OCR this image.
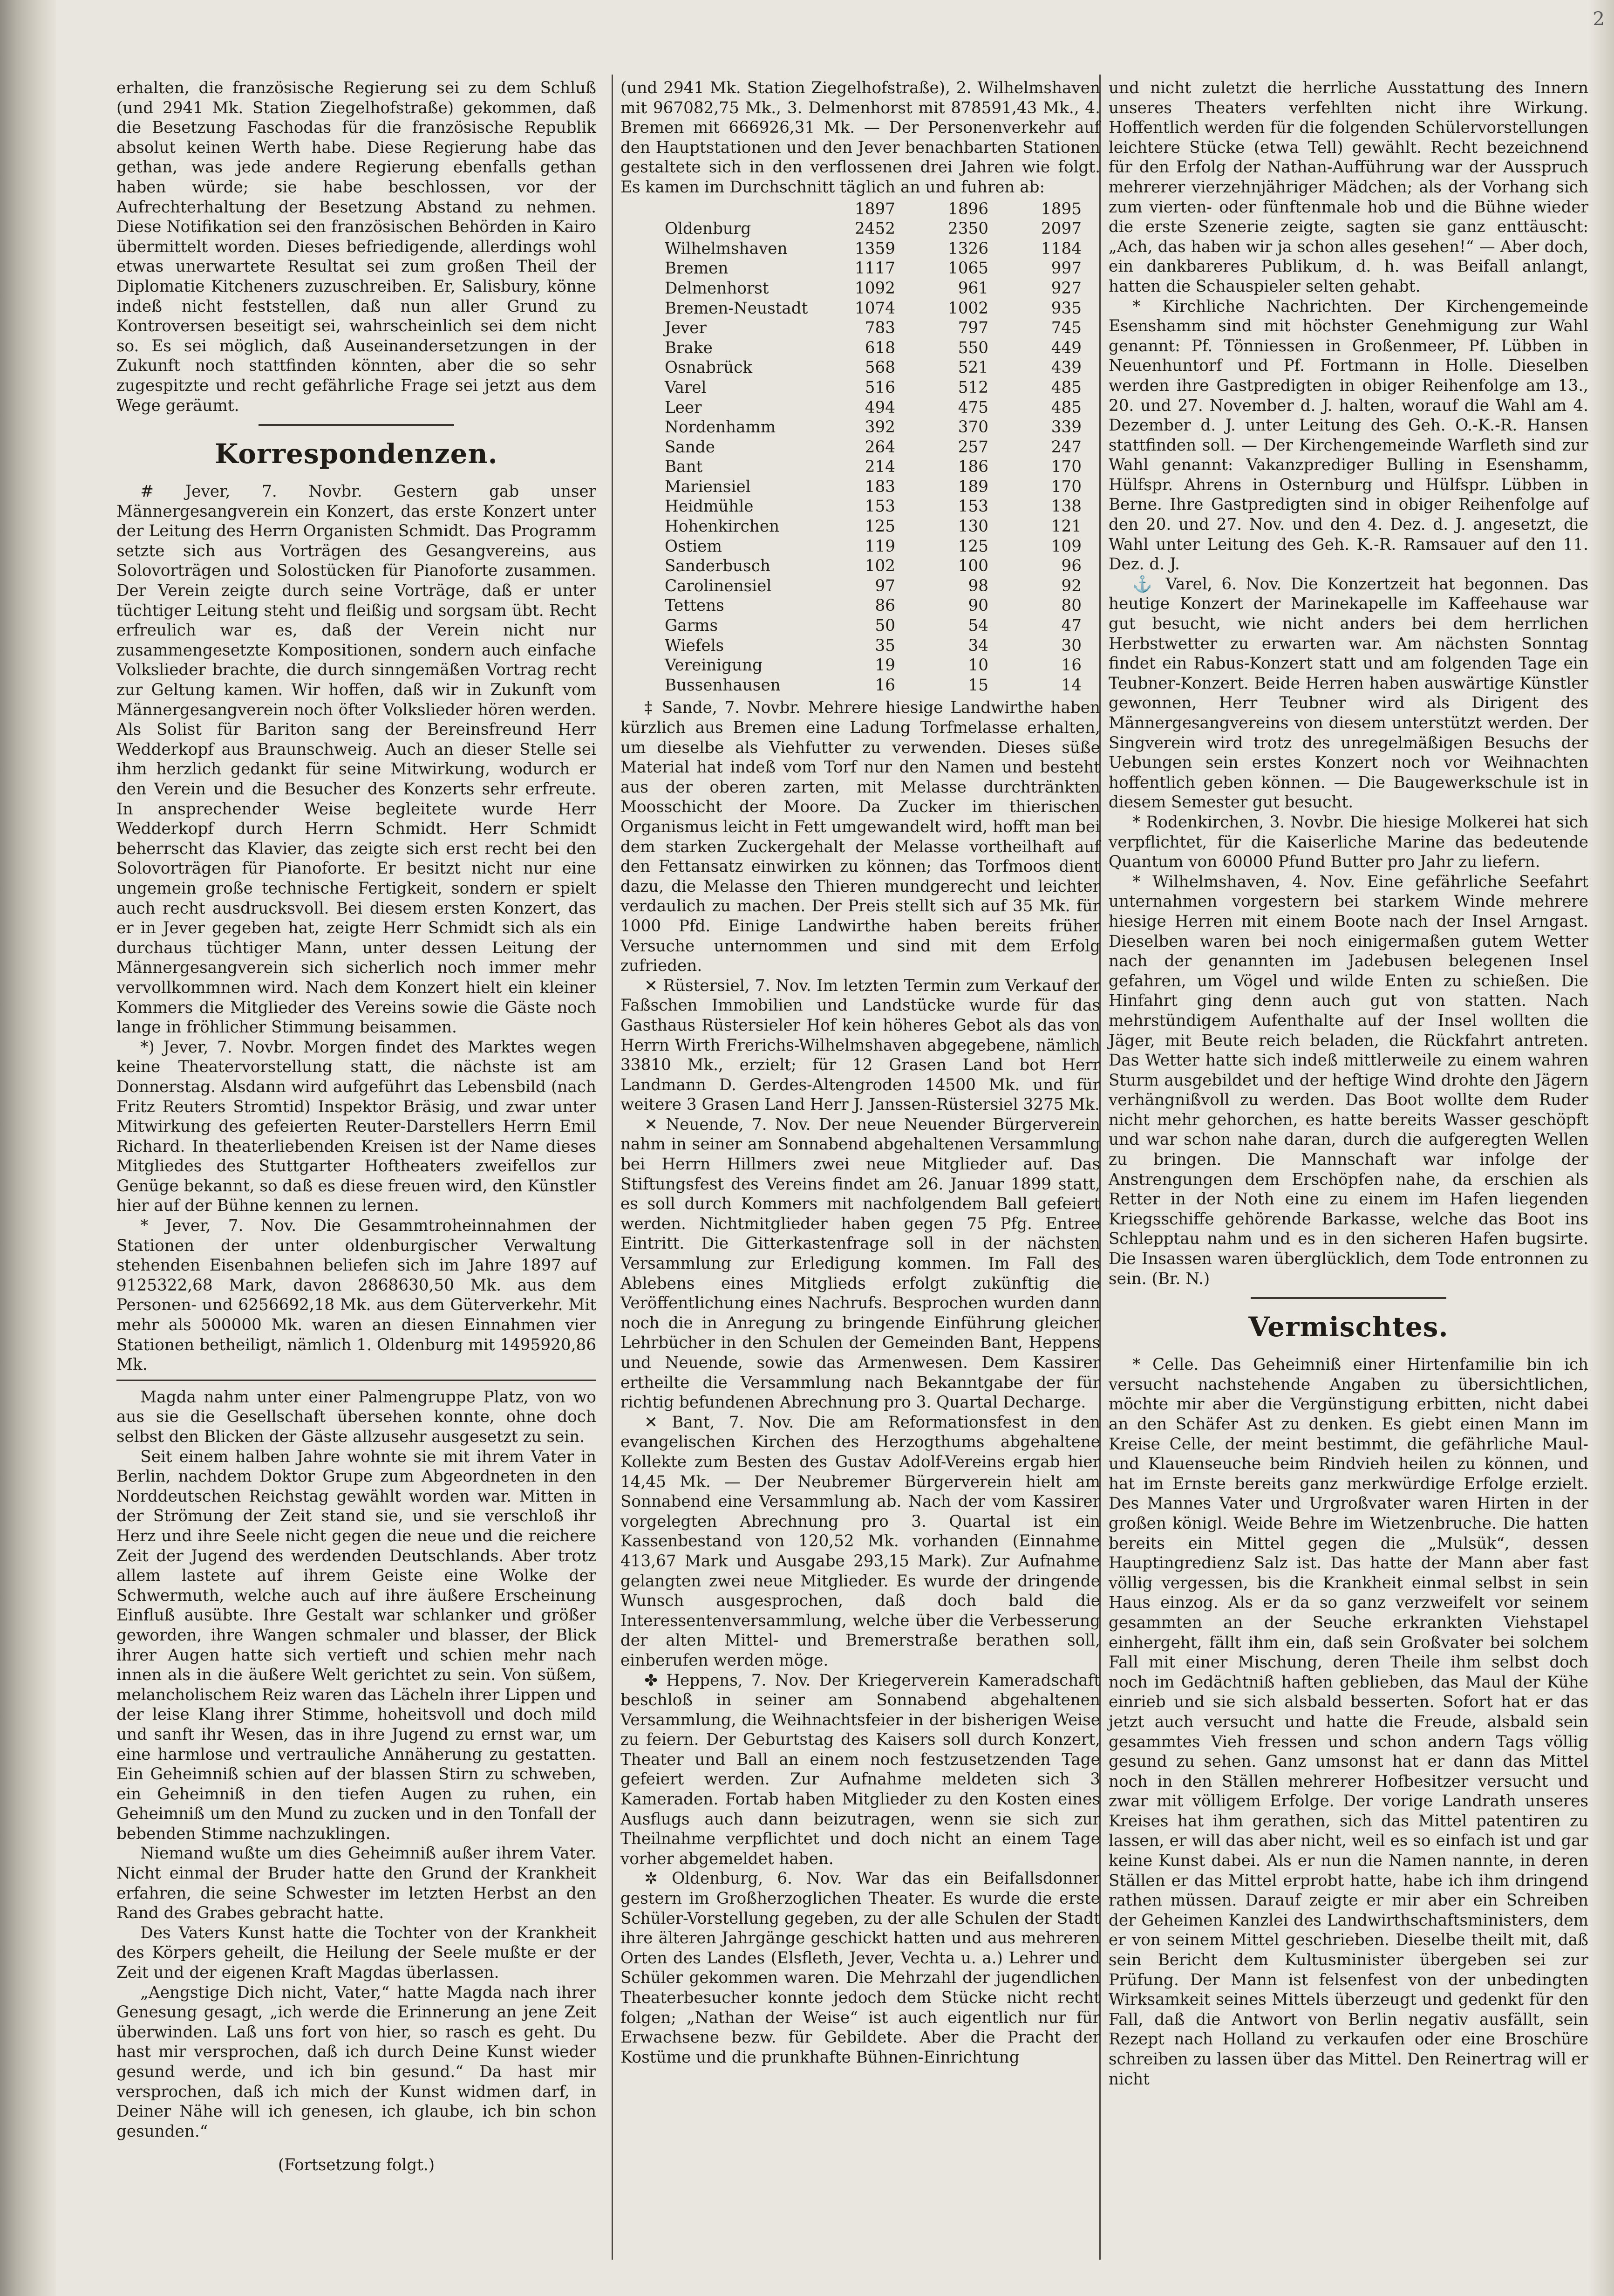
2

erhalten, die französische Regierung sei zu dem Schluß (und 2941 Mk. Station Ziegelhofstraße) gekommen, daß die Besetzung Faschodas für die französische Republik absolut keinen Werth habe. Diese Regierung habe das gethan, was jede andere Regierung ebenfalls gethan haben würde; sie habe beschlossen, vor der Aufrechterhaltung der Besetzung Abstand zu nehmen. Diese Notifikation sei den französischen Behörden in Kairo übermittelt worden. Dieses befriedigende, allerdings wohl etwas unerwartete Resultat sei zum großen Theil der Diplomatie Kitcheners zuzuschreiben. Er, Salisbury, könne indeß nicht feststellen, daß nun aller Grund zu Kontroversen beseitigt sei, wahrscheinlich sei dem nicht so. Es sei möglich, daß Auseinandersetzungen in der Zukunft noch stattfinden könnten, aber die so sehr zugespitzte und recht gefährliche Frage sei jetzt aus dem Wege geräumt.

Korrespondenzen.

# Jever, 7. Novbr. Gestern gab unser Männergesangverein ein Konzert, das erste Konzert unter der Leitung des Herrn Organisten Schmidt. Das Programm setzte sich aus Vorträgen des Gesangvereins, aus Solovorträgen und Solostücken für Pianoforte zusammen. Der Verein zeigte durch seine Vorträge, daß er unter tüchtiger Leitung steht und fleißig und sorgsam übt. Recht erfreulich war es, daß der Verein nicht nur zusammengesetzte Kompositionen, sondern auch einfache Volkslieder brachte, die durch sinngemäßen Vortrag recht zur Geltung kamen. Wir hoffen, daß wir in Zukunft vom Männergesangverein noch öfter Volkslieder hören werden. Als Solist für Bariton sang der Bereinsfreund Herr Wedderkopf aus Braunschweig. Auch an dieser Stelle sei ihm herzlich gedankt für seine Mitwirkung, wodurch er den Verein und die Besucher des Konzerts sehr erfreute. In ansprechender Weise begleitete wurde Herr Wedderkopf durch Herrn Schmidt. Herr Schmidt beherrscht das Klavier, das zeigte sich erst recht bei den Solovorträgen für Pianoforte. Er besitzt nicht nur eine ungemein große technische Fertigkeit, sondern er spielt auch recht ausdrucksvoll. Bei diesem ersten Konzert, das er in Jever gegeben hat, zeigte Herr Schmidt sich als ein durchaus tüchtiger Mann, unter dessen Leitung der Männergesangverein sich sicherlich noch immer mehr vervollkommnen wird. Nach dem Konzert hielt ein kleiner Kommers die Mitglieder des Vereins sowie die Gäste noch lange in fröhlicher Stimmung beisammen.

*) Jever, 7. Novbr. Morgen findet des Marktes wegen keine Theatervorstellung statt, die nächste ist am Donnerstag. Alsdann wird aufgeführt das Lebensbild (nach Fritz Reuters Stromtid) Inspektor Bräsig, und zwar unter Mitwirkung des gefeierten Reuter-Darstellers Herrn Emil Richard. In theaterliebenden Kreisen ist der Name dieses Mitgliedes des Stuttgarter Hoftheaters zweifellos zur Genüge bekannt, so daß es diese freuen wird, den Künstler hier auf der Bühne kennen zu lernen.

* Jever, 7. Nov. Die Gesammtroheinnahmen der Stationen der unter oldenburgischer Verwaltung stehenden Eisenbahnen beliefen sich im Jahre 1897 auf 9125322,68 Mark, davon 2868630,50 Mk. aus dem Personen- und 6256692,18 Mk. aus dem Güterverkehr. Mit mehr als 500000 Mk. waren an diesen Einnahmen vier Stationen betheiligt, nämlich 1. Oldenburg mit 1495920,86 Mk.

Magda nahm unter einer Palmengruppe Platz, von wo aus sie die Gesellschaft übersehen konnte, ohne doch selbst den Blicken der Gäste allzusehr ausgesetzt zu sein.

Seit einem halben Jahre wohnte sie mit ihrem Vater in Berlin, nachdem Doktor Grupe zum Abgeordneten in den Norddeutschen Reichstag gewählt worden war. Mitten in der Strömung der Zeit stand sie, und sie verschloß ihr Herz und ihre Seele nicht gegen die neue und die reichere Zeit der Jugend des werdenden Deutschlands. Aber trotz allem lastete auf ihrem Geiste eine Wolke der Schwermuth, welche auch auf ihre äußere Erscheinung Einfluß ausübte. Ihre Gestalt war schlanker und größer geworden, ihre Wangen schmaler und blasser, der Blick ihrer Augen hatte sich vertieft und schien mehr nach innen als in die äußere Welt gerichtet zu sein. Von süßem, melancholischem Reiz waren das Lächeln ihrer Lippen und der leise Klang ihrer Stimme, hoheitsvoll und doch mild und sanft ihr Wesen, das in ihre Jugend zu ernst war, um eine harmlose und vertrauliche Annäherung zu gestatten. Ein Geheimniß schien auf der blassen Stirn zu schweben, ein Geheimniß in den tiefen Augen zu ruhen, ein Geheimniß um den Mund zu zucken und in den Tonfall der bebenden Stimme nachzuklingen.

Niemand wußte um dies Geheimniß außer ihrem Vater. Nicht einmal der Bruder hatte den Grund der Krankheit erfahren, die seine Schwester im letzten Herbst an den Rand des Grabes gebracht hatte.

Des Vaters Kunst hatte die Tochter von der Krankheit des Körpers geheilt, die Heilung der Seele mußte er der Zeit und der eigenen Kraft Magdas überlassen.

„Aengstige Dich nicht, Vater,“ hatte Magda nach ihrer Genesung gesagt, „ich werde die Erinnerung an jene Zeit überwinden. Laß uns fort von hier, so rasch es geht. Du hast mir versprochen, daß ich durch Deine Kunst wieder gesund werde, und ich bin gesund.“ Da hast mir versprochen, daß ich mich der Kunst widmen darf, in Deiner Nähe will ich genesen, ich glaube, ich bin schon gesunden.“

(Fortsetzung folgt.)

(und 2941 Mk. Station Ziegelhofstraße), 2. Wilhelmshaven mit 967082,75 Mk., 3. Delmenhorst mit 878591,43 Mk., 4. Bremen mit 666926,31 Mk. — Der Personenverkehr auf den Hauptstationen und den Jever benachbarten Stationen gestaltete sich in den verflossenen drei Jahren wie folgt. Es kamen im Durchschnitt täglich an und fuhren ab:

	1897	1896	1895
Oldenburg	2452	2350	2097
Wilhelmshaven	1359	1326	1184
Bremen	1117	1065	997
Delmenhorst	1092	961	927
Bremen-Neustadt	1074	1002	935
Jever	783	797	745
Brake	618	550	449
Osnabrück	568	521	439
Varel	516	512	485
Leer	494	475	485
Nordenhamm	392	370	339
Sande	264	257	247
Bant	214	186	170
Mariensiel	183	189	170
Heidmühle	153	153	138
Hohenkirchen	125	130	121
Ostiem	119	125	109
Sanderbusch	102	100	96
Carolinensiel	97	98	92
Tettens	86	90	80
Garms	50	54	47
Wiefels	35	34	30
Vereinigung	19	10	16
Bussenhausen	16	15	14

‡ Sande, 7. Novbr. Mehrere hiesige Landwirthe haben kürzlich aus Bremen eine Ladung Torfmelasse erhalten, um dieselbe als Viehfutter zu verwenden. Dieses süße Material hat indeß vom Torf nur den Namen und besteht aus der oberen zarten, mit Melasse durchtränkten Moosschicht der Moore. Da Zucker im thierischen Organismus leicht in Fett umgewandelt wird, hofft man bei dem starken Zuckergehalt der Melasse vortheilhaft auf den Fettansatz einwirken zu können; das Torfmoos dient dazu, die Melasse den Thieren mundgerecht und leichter verdaulich zu machen. Der Preis stellt sich auf 35 Mk. für 1000 Pfd. Einige Landwirthe haben bereits früher Versuche unternommen und sind mit dem Erfolg zufrieden.

✕ Rüstersiel, 7. Nov. Im letzten Termin zum Verkauf der Faßschen Immobilien und Landstücke wurde für das Gasthaus Rüstersieler Hof kein höheres Gebot als das von Herrn Wirth Frerichs-Wilhelmshaven abgegebene, nämlich 33810 Mk., erzielt; für 12 Grasen Land bot Herr Landmann D. Gerdes-Altengroden 14500 Mk. und für weitere 3 Grasen Land Herr J. Janssen-Rüstersiel 3275 Mk.

✕ Neuende, 7. Nov. Der neue Neuender Bürgerverein nahm in seiner am Sonnabend abgehaltenen Versammlung bei Herrn Hillmers zwei neue Mitglieder auf. Das Stiftungsfest des Vereins findet am 26. Januar 1899 statt, es soll durch Kommers mit nachfolgendem Ball gefeiert werden. Nichtmitglieder haben gegen 75 Pfg. Entree Eintritt. Die Gitterkastenfrage soll in der nächsten Versammlung zur Erledigung kommen. Im Fall des Ablebens eines Mitglieds erfolgt zukünftig die Veröffentlichung eines Nachrufs. Besprochen wurden dann noch die in Anregung zu bringende Einführung gleicher Lehrbücher in den Schulen der Gemeinden Bant, Heppens und Neuende, sowie das Armenwesen. Dem Kassirer ertheilte die Versammlung nach Bekanntgabe der für richtig befundenen Abrechnung pro 3. Quartal Decharge.

✕ Bant, 7. Nov. Die am Reformationsfest in den evangelischen Kirchen des Herzogthums abgehaltene Kollekte zum Besten des Gustav Adolf-Vereins ergab hier 14,45 Mk. — Der Neubremer Bürgerverein hielt am Sonnabend eine Versammlung ab. Nach der vom Kassirer vorgelegten Abrechnung pro 3. Quartal ist ein Kassenbestand von 120,52 Mk. vorhanden (Einnahme 413,67 Mark und Ausgabe 293,15 Mark). Zur Aufnahme gelangten zwei neue Mitglieder. Es wurde der dringende Wunsch ausgesprochen, daß doch bald die Interessentenversammlung, welche über die Verbesserung der alten Mittel- und Bremerstraße berathen soll, einberufen werden möge.

✤ Heppens, 7. Nov. Der Kriegerverein Kameradschaft beschloß in seiner am Sonnabend abgehaltenen Versammlung, die Weihnachtsfeier in der bisherigen Weise zu feiern. Der Geburtstag des Kaisers soll durch Konzert, Theater und Ball an einem noch festzusetzenden Tage gefeiert werden. Zur Aufnahme meldeten sich 3 Kameraden. Fortab haben Mitglieder zu den Kosten eines Ausflugs auch dann beizutragen, wenn sie sich zur Theilnahme verpflichtet und doch nicht an einem Tage vorher abgemeldet haben.

✲ Oldenburg, 6. Nov. War das ein Beifallsdonner gestern im Großherzoglichen Theater. Es wurde die erste Schüler-Vorstellung gegeben, zu der alle Schulen der Stadt ihre älteren Jahrgänge geschickt hatten und aus mehreren Orten des Landes (Elsfleth, Jever, Vechta u. a.) Lehrer und Schüler gekommen waren. Die Mehrzahl der jugendlichen Theaterbesucher konnte jedoch dem Stücke nicht recht folgen; „Nathan der Weise“ ist auch eigentlich nur für Erwachsene bezw. für Gebildete. Aber die Pracht der Kostüme und die prunkhafte Bühnen-Einrichtung

und nicht zuletzt die herrliche Ausstattung des Innern unseres Theaters verfehlten nicht ihre Wirkung. Hoffentlich werden für die folgenden Schülervorstellungen leichtere Stücke (etwa Tell) gewählt. Recht bezeichnend für den Erfolg der Nathan-Aufführung war der Ausspruch mehrerer vierzehnjähriger Mädchen; als der Vorhang sich zum vierten- oder fünftenmale hob und die Bühne wieder die erste Szenerie zeigte, sagten sie ganz enttäuscht: „Ach, das haben wir ja schon alles gesehen!“ — Aber doch, ein dankbareres Publikum, d. h. was Beifall anlangt, hatten die Schauspieler selten gehabt.

* Kirchliche Nachrichten. Der Kirchengemeinde Esenshamm sind mit höchster Genehmigung zur Wahl genannt: Pf. Tönniessen in Großenmeer, Pf. Lübben in Neuenhuntorf und Pf. Fortmann in Holle. Dieselben werden ihre Gastpredigten in obiger Reihenfolge am 13., 20. und 27. November d. J. halten, worauf die Wahl am 4. Dezember d. J. unter Leitung des Geh. O.-K.-R. Hansen stattfinden soll. — Der Kirchengemeinde Warfleth sind zur Wahl genannt: Vakanzprediger Bulling in Esenshamm, Hülfspr. Ahrens in Osternburg und Hülfspr. Lübben in Berne. Ihre Gastpredigten sind in obiger Reihenfolge auf den 20. und 27. Nov. und den 4. Dez. d. J. angesetzt, die Wahl unter Leitung des Geh. K.-R. Ramsauer auf den 11. Dez. d. J.

⚓ Varel, 6. Nov. Die Konzertzeit hat begonnen. Das heutige Konzert der Marinekapelle im Kaffeehause war gut besucht, wie nicht anders bei dem herrlichen Herbstwetter zu erwarten war. Am nächsten Sonntag findet ein Rabus-Konzert statt und am folgenden Tage ein Teubner-Konzert. Beide Herren haben auswärtige Künstler gewonnen, Herr Teubner wird als Dirigent des Männergesangvereins von diesem unterstützt werden. Der Singverein wird trotz des unregelmäßigen Besuchs der Uebungen sein erstes Konzert noch vor Weihnachten hoffentlich geben können. — Die Baugewerkschule ist in diesem Semester gut besucht.

* Rodenkirchen, 3. Novbr. Die hiesige Molkerei hat sich verpflichtet, für die Kaiserliche Marine das bedeutende Quantum von 60000 Pfund Butter pro Jahr zu liefern.

* Wilhelmshaven, 4. Nov. Eine gefährliche Seefahrt unternahmen vorgestern bei starkem Winde mehrere hiesige Herren mit einem Boote nach der Insel Arngast. Dieselben waren bei noch einigermaßen gutem Wetter nach der genannten im Jadebusen belegenen Insel gefahren, um Vögel und wilde Enten zu schießen. Die Hinfahrt ging denn auch gut von statten. Nach mehrstündigem Aufenthalte auf der Insel wollten die Jäger, mit Beute reich beladen, die Rückfahrt antreten. Das Wetter hatte sich indeß mittlerweile zu einem wahren Sturm ausgebildet und der heftige Wind drohte den Jägern verhängnißvoll zu werden. Das Boot wollte dem Ruder nicht mehr gehorchen, es hatte bereits Wasser geschöpft und war schon nahe daran, durch die aufgeregten Wellen zu bringen. Die Mannschaft war infolge der Anstrengungen dem Erschöpfen nahe, da erschien als Retter in der Noth eine zu einem im Hafen liegenden Kriegsschiffe gehörende Barkasse, welche das Boot ins Schlepptau nahm und es in den sicheren Hafen bugsirte. Die Insassen waren überglücklich, dem Tode entronnen zu sein. (Br. N.)

Vermischtes.

* Celle. Das Geheimniß einer Hirtenfamilie bin ich versucht nachstehende Angaben zu übersichtlichen, möchte mir aber die Vergünstigung erbitten, nicht dabei an den Schäfer Ast zu denken. Es giebt einen Mann im Kreise Celle, der meint bestimmt, die gefährliche Maul- und Klauenseuche beim Rindvieh heilen zu können, und hat im Ernste bereits ganz merkwürdige Erfolge erzielt. Des Mannes Vater und Urgroßvater waren Hirten in der großen königl. Weide Behre im Wietzenbruche. Die hatten bereits ein Mittel gegen die „Mulsük“, dessen Hauptingredienz Salz ist. Das hatte der Mann aber fast völlig vergessen, bis die Krankheit einmal selbst in sein Haus einzog. Als er da so ganz verzweifelt vor seinem gesammten an der Seuche erkrankten Viehstapel einhergeht, fällt ihm ein, daß sein Großvater bei solchem Fall mit einer Mischung, deren Theile ihm selbst doch noch im Gedächtniß haften geblieben, das Maul der Kühe einrieb und sie sich alsbald besserten. Sofort hat er das jetzt auch versucht und hatte die Freude, alsbald sein gesammtes Vieh fressen und schon andern Tags völlig gesund zu sehen. Ganz umsonst hat er dann das Mittel noch in den Ställen mehrerer Hofbesitzer versucht und zwar mit völligem Erfolge. Der vorige Landrath unseres Kreises hat ihm gerathen, sich das Mittel patentiren zu lassen, er will das aber nicht, weil es so einfach ist und gar keine Kunst dabei. Als er nun die Namen nannte, in deren Ställen er das Mittel erprobt hatte, habe ich ihm dringend rathen müssen. Darauf zeigte er mir aber ein Schreiben der Geheimen Kanzlei des Landwirthschaftsministers, dem er von seinem Mittel geschrieben. Dieselbe theilt mit, daß sein Bericht dem Kultusminister übergeben sei zur Prüfung. Der Mann ist felsenfest von der unbedingten Wirksamkeit seines Mittels überzeugt und gedenkt für den Fall, daß die Antwort von Berlin negativ ausfällt, sein Rezept nach Holland zu verkaufen oder eine Broschüre schreiben zu lassen über das Mittel. Den Reinertrag will er nicht
